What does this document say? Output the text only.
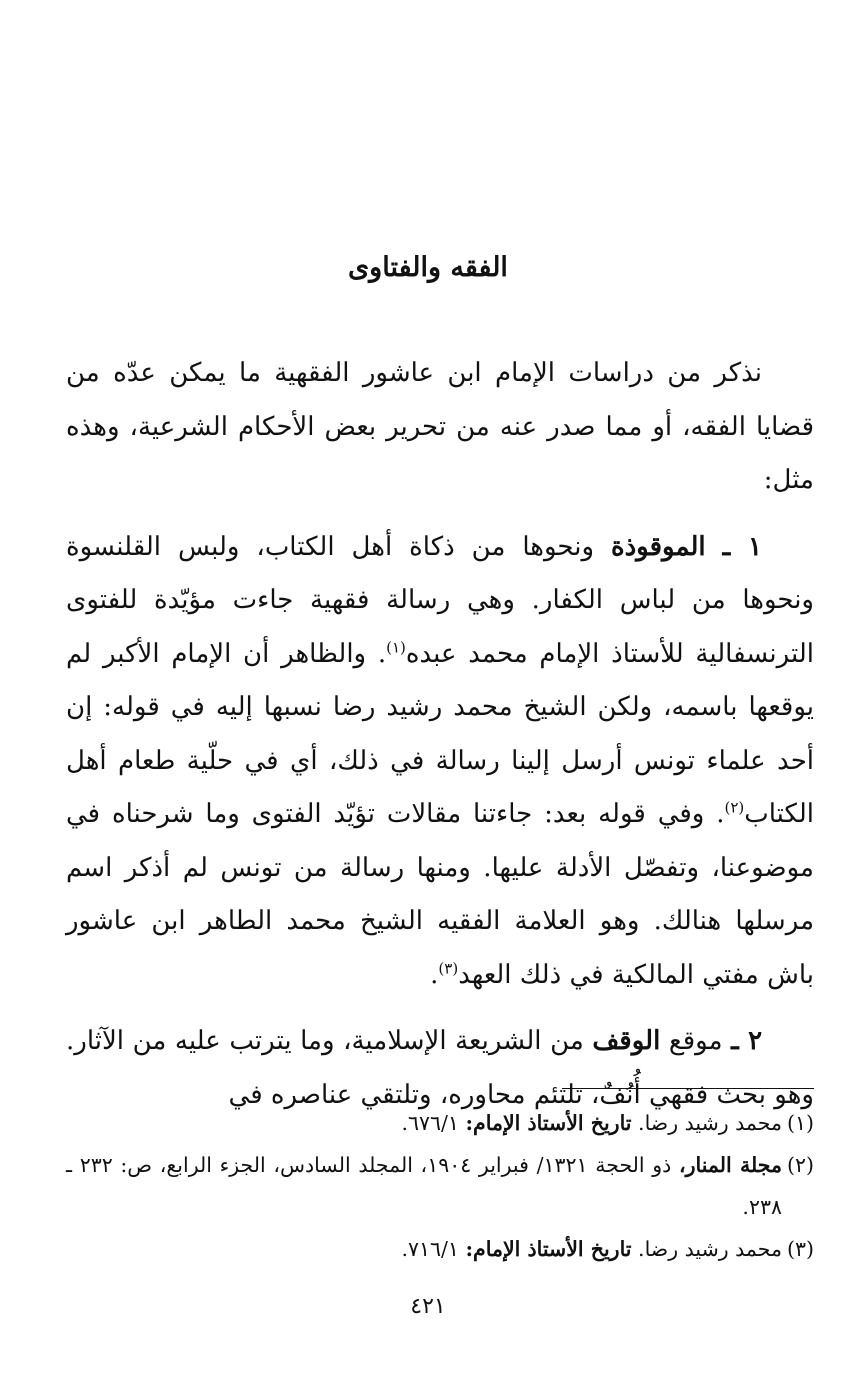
الفقه والفتاوى

  نذكر من دراسات الإمام ابن عاشور الفقهية ما يمكن عدّه من قضايا الفقه، أو مما صدر عنه من تحرير بعض الأحكام الشرعية، وهذه مثل:

  ١ ـ الموقوذة ونحوها من ذكاة أهل الكتاب، ولبس القلنسوة ونحوها من لباس الكفار. وهي رسالة فقهية جاءت مؤيّدة للفتوى الترنسفالية للأستاذ الإمام محمد عبده$^{(١)}$. والظاهر أن الإمام الأكبر لم يوقعها باسمه، ولكن الشيخ محمد رشيد رضا نسبها إليه في قوله: إن أحد علماء تونس أرسل إلينا رسالة في ذلك، أي في حلّية طعام أهل الكتاب$^{(٢)}$. وفي قوله بعد: جاءتنا مقالات تؤيّد الفتوى وما شرحناه في موضوعنا، وتفصّل الأدلة عليها. ومنها رسالة من تونس لم أذكر اسم مرسلها هنالك. وهو العلامة الفقيه الشيخ محمد الطاهر ابن عاشور باش مفتي المالكية في ذلك العهد$^{(٣)}$.

  ٢ ـ موقع الوقف من الشريعة الإسلامية، وما يترتب عليه من الآثار. وهو بحث فقهي أُنُفٌ، تلتئم محاوره، وتلتقي عناصره في

(١)
محمد رشيد رضا. تاريخ الأستاذ الإمام: ٦٧٦/١.

(٢)
مجلة المنار، ذو الحجة ١٣٢١/ فبراير ١٩٠٤، المجلد السادس، الجزء الرابع، ص: ٢٣٢ ـ ٢٣٨.

(٣)
محمد رشيد رضا. تاريخ الأستاذ الإمام: ٧١٦/١.

٤٢١
